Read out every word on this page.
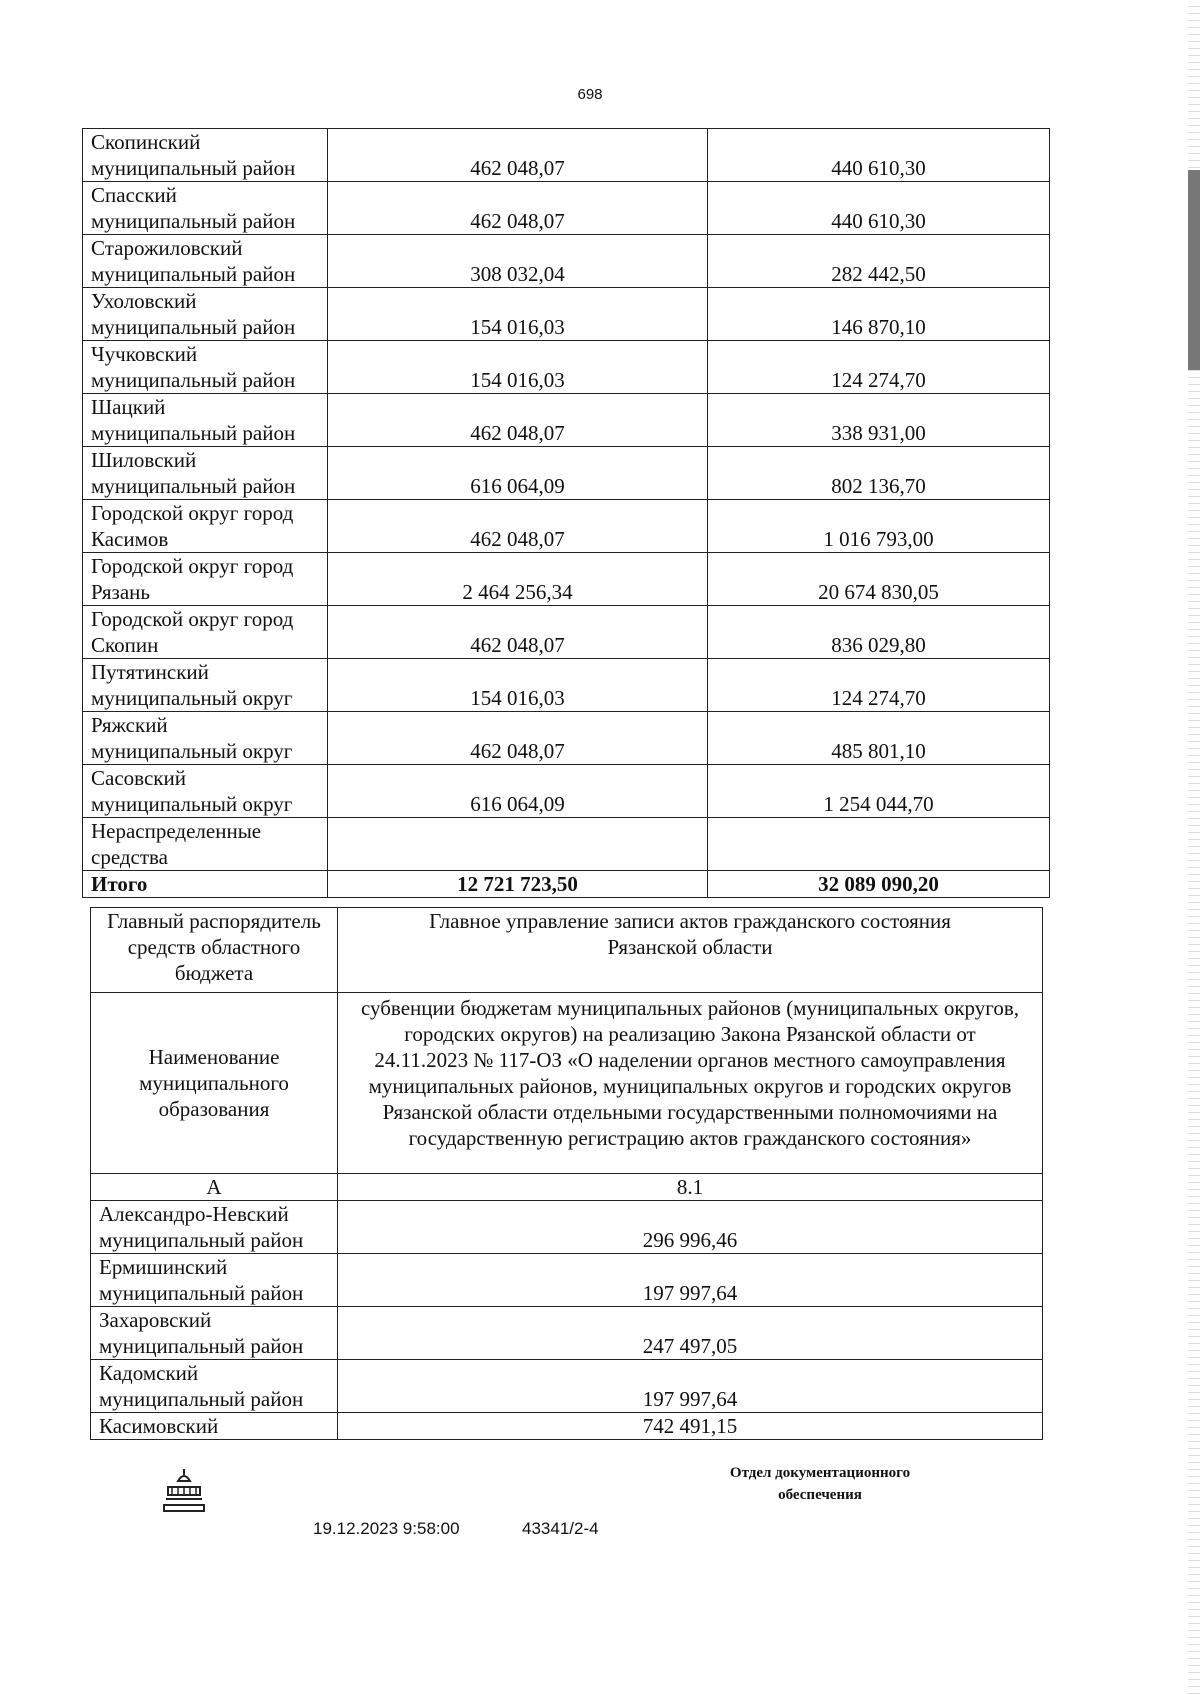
698
Скопинский
муниципальный район	462 048,07	440 610,30

Спасский
муниципальный район	462 048,07	440 610,30

Старожиловский
муниципальный район	308 032,04	282 442,50

Ухоловский
муниципальный район	154 016,03	146 870,10

Чучковский
муниципальный район	154 016,03	124 274,70

Шацкий
муниципальный район	462 048,07	338 931,00

Шиловский
муниципальный район	616 064,09	802 136,70

Городской округ город
Касимов	462 048,07	1 016 793,00

Городской округ город
Рязань	2 464 256,34	20 674 830,05

Городской округ город
Скопин	462 048,07	836 029,80

Путятинский
муниципальный округ	154 016,03	124 274,70

Ряжский
муниципальный округ	462 048,07	485 801,10

Сасовский
муниципальный округ	616 064,09	1 254 044,70

Нераспределенные
средства		

Итого	12 721 723,50	32 089 090,20
Главный распорядитель средств областного бюджета	Главное управление записи актов гражданского состояния Рязанской области
Наименование муниципального образования	субвенции бюджетам муниципальных районов (муниципальных округов, городских округов) на реализацию Закона Рязанской области от 24.11.2023 № 117-ОЗ «О наделении органов местного самоуправления муниципальных районов, муниципальных округов и городских округов Рязанской области отдельными государственными полномочиями на государственную регистрацию актов гражданского состояния»
А	8.1

Александро-Невский
муниципальный район	296 996,46

Ермишинский
муниципальный район	197 997,64

Захаровский
муниципальный район	247 497,05

Кадомский
муниципальный район	197 997,64
Касимовский	742 491,15
19.12.2023 9:58:00	43341/2-4
Отдел документационного
обеспечения
